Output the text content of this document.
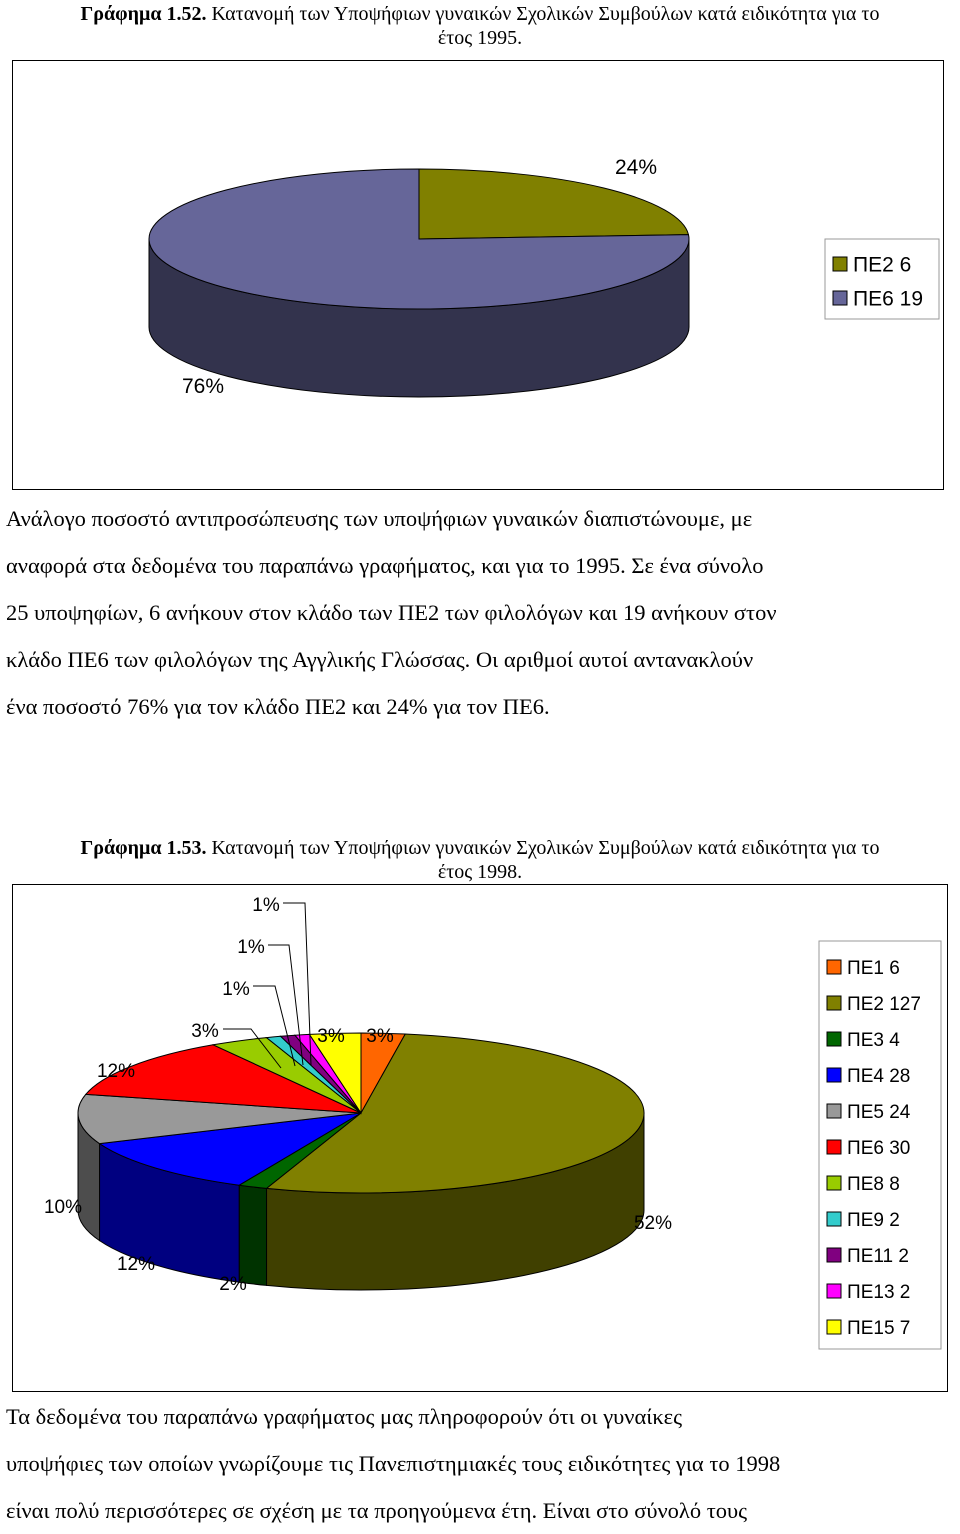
Γράφημα 1.52. Κατανομή των Υποψήφιων γυναικών Σχολικών Συμβούλων κατά ειδικότητα για το
έτος 1995.
24%
76%
ΠΕ2 6
ΠΕ6 19
Ανάλογο ποσοστό αντιπροσώπευσης των υποψήφιων γυναικών διαπιστώνουμε, με
αναφορά στα δεδομένα του παραπάνω γραφήματος, και για το 1995. Σε ένα σύνολο
25 υποψηφίων, 6 ανήκουν στον κλάδο των ΠΕ2 των φιλολόγων και 19 ανήκουν στον
κλάδο ΠΕ6 των φιλολόγων της Αγγλικής Γλώσσας. Οι αριθμοί αυτοί αντανακλούν
ένα ποσοστό 76% για τον κλάδο ΠΕ2 και 24% για τον ΠΕ6.
Γράφημα 1.53. Κατανομή των Υποψήφιων γυναικών Σχολικών Συμβούλων κατά ειδικότητα για το
έτος 1998.
3%
52%
2%
12%
10%
12%
3%
1%
1%
1%
3%
ΠΕ1 6
ΠΕ2 127
ΠΕ3 4
ΠΕ4 28
ΠΕ5 24
ΠΕ6 30
ΠΕ8 8
ΠΕ9 2
ΠΕ11 2
ΠΕ13 2
ΠΕ15 7
Τα δεδομένα του παραπάνω γραφήματος μας πληροφορούν ότι οι γυναίκες
υποψήφιες των οποίων γνωρίζουμε τις Πανεπιστημιακές τους ειδικότητες για το 1998
είναι πολύ περισσότερες σε σχέση με τα προηγούμενα έτη. Είναι στο σύνολό τους
